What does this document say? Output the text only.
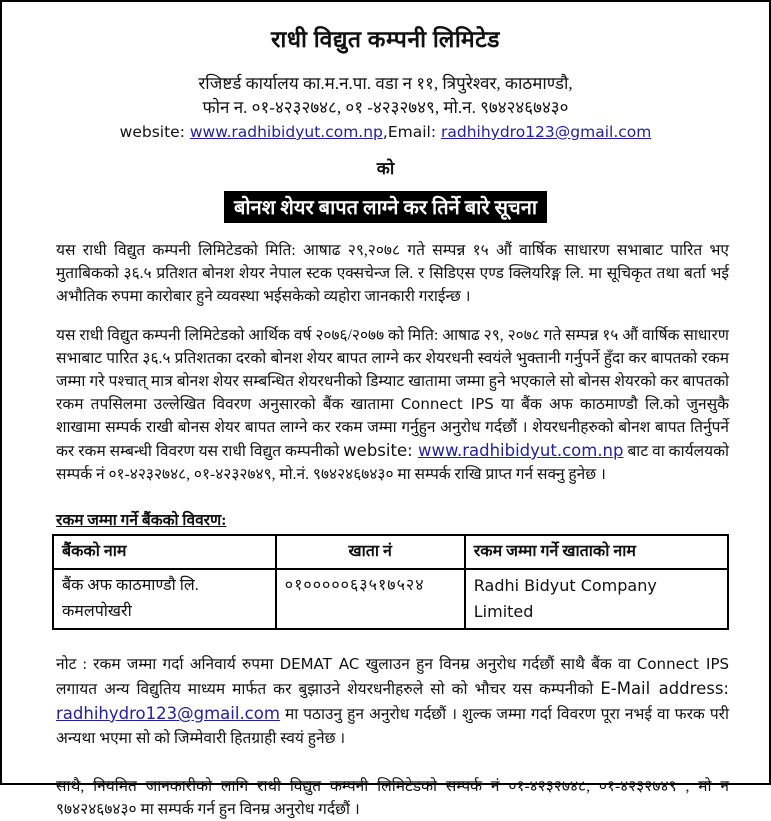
राधी विद्युत कम्पनी लिमिटेड
रजिष्टर्ड कार्यालय का.म.न.पा. वडा न ११, त्रिपुरेश्वर, काठमाण्डौ,
फोन न. ०१-४२३२७४८, ०१ -४२३२७४९, मो.न. ९७४२४६७४३०
website: www.radhibidyut.com.np,Email: radhihydro123@gmail.com
को
बोनश शेयर बापत लाग्ने कर तिर्ने बारे सूचना

यस राधी विद्युत कम्पनी लिमिटेडको मिति: आषाढ २९,२०७८ गते सम्पन्न १५ औं वार्षिक साधारण सभाबाट पारित भए मुताबिकको ३६.५ प्रतिशत बोनश शेयर नेपाल स्टक एक्सचेन्ज लि. र सिडिएस एण्ड क्लियरिङ्ग लि. मा सूचिकृत तथा बर्ता भई अभौतिक रुपमा कारोबार हुने व्यवस्था भईसकेको व्यहोरा जानकारी गराईन्छ ।

यस राधी विद्युत कम्पनी लिमिटेडको आर्थिक वर्ष २०७६/२०७७ को मिति: आषाढ २९, २०७८ गते सम्पन्न १५ औं वार्षिक साधारण सभाबाट पारित ३६.५ प्रतिशतका दरको बोनश शेयर बापत लाग्ने कर शेयरधनी स्वयंले भुक्तानी गर्नुपर्ने हुँदा कर बापतको रकम जम्मा गरे पश्चात् मात्र बोनश शेयर सम्बन्धित शेयरधनीको डिम्याट खातामा जम्मा हुने भएकाले सो बोनस शेयरको कर बापतको रकम तपसिलमा उल्लेखित विवरण अनुसारको बैंक खातामा Connect IPS या बैंक अफ काठमाण्डौ लि.को जुनसुकै शाखामा सम्पर्क राखी बोनस शेयर बापत लाग्ने कर रकम जम्मा गर्नुहुन अनुरोध गर्दछौं । शेयरधनीहरुको बोनश बापत तिर्नुपर्ने कर रकम सम्बन्धी विवरण यस राधी विद्युत कम्पनीको website: www.radhibidyut.com.np बाट वा कार्यलयको सम्पर्क नं ०१-४२३२७४८, ०१-४२३२७४९, मो.नं. ९७४२४६७४३० मा सम्पर्क राखि प्राप्त गर्न सक्नु हुनेछ ।

रकम जम्मा गर्ने बैंकको विवरण:
बैंकको नाम	खाता नं	रकम जम्मा गर्ने खाताको नाम

बैंक अफ काठमाण्डौ लि.
कमलपोखरी	०१०००००६३५१७५२४	Radhi Bidyut Company Limited

नोट : रकम जम्मा गर्दा अनिवार्य रुपमा DEMAT AC खुलाउन हुन विनम्र अनुरोध गर्दछौं साथै बैंक वा Connect IPS लगायत अन्य विद्युतिय माध्यम मार्फत कर बुझाउने शेयरधनीहरुले सो को भौचर यस कम्पनीको E-Mail address: radhihydro123@gmail.com मा पठाउनु हुन अनुरोध गर्दछौं । शुल्क जम्मा गर्दा विवरण पूरा नभई वा फरक परी अन्यथा भएमा सो को जिम्मेवारी हितग्राही स्वयं हुनेछ ।

साथै, नियमित जानकारीको लागि राधी विद्युत कम्पनी लिमिटेडको सम्पर्क नं ०१-४२३२७४८, ०१-४२३२७४९ , मो न ९७४२४६७४३० मा सम्पर्क गर्न हुन विनम्र अनुरोध गर्दछौं ।
